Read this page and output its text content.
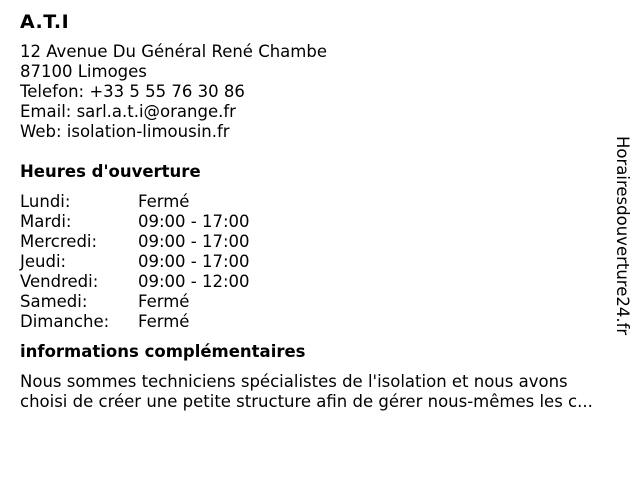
A.T.I
12 Avenue Du Général René Chambe
87100 Limoges
Telefon: +33 5 55 76 30 86
Email: sarl.a.t.i@orange.fr
Web: isolation-limousin.fr
Heures d'ouverture
Lundi:	Fermé
Mardi:	09:00 - 17:00
Mercredi:	09:00 - 17:00
Jeudi:	09:00 - 17:00
Vendredi:	09:00 - 12:00
Samedi:	Fermé
Dimanche:	Fermé
informations complémentaires
Nous sommes techniciens spécialistes de l'isolation et nous avons
choisi de créer une petite structure afin de gérer nous-mêmes les c...
Horairesdouverture24.fr
